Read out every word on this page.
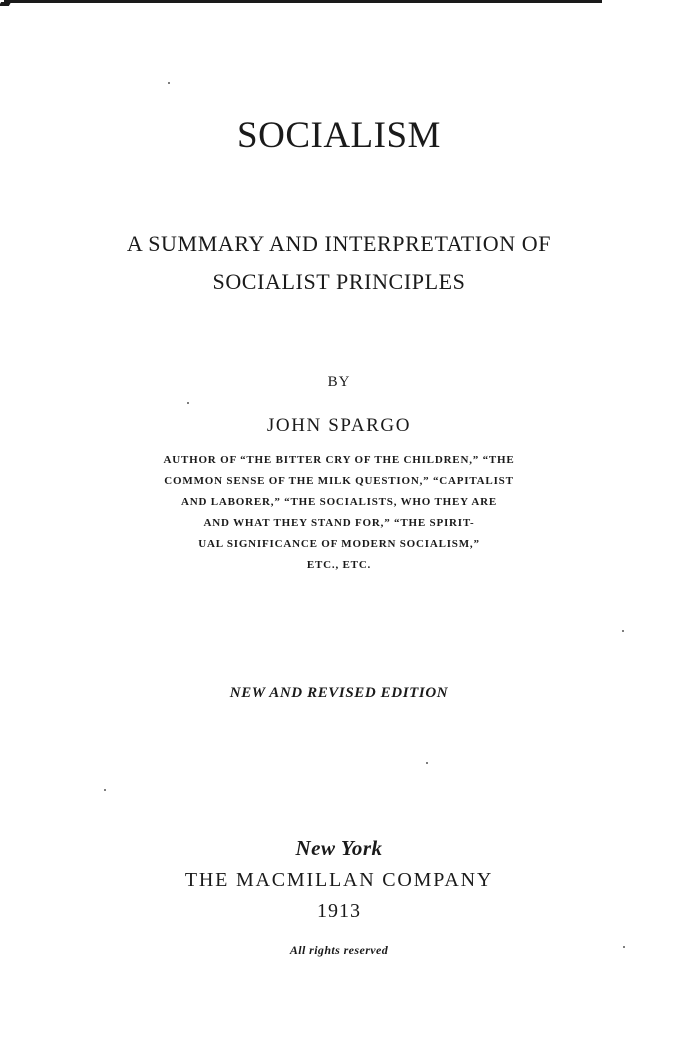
SOCIALISM
A SUMMARY AND INTERPRETATION OF
SOCIALIST PRINCIPLES
BY
JOHN SPARGO
AUTHOR OF “THE BITTER CRY OF THE CHILDREN,” “THE
COMMON SENSE OF THE MILK QUESTION,” “CAPITALIST
AND LABORER,” “THE SOCIALISTS, WHO THEY ARE
AND WHAT THEY STAND FOR,” “THE SPIRIT-
UAL SIGNIFICANCE OF MODERN SOCIALISM,”
ETC., ETC.
NEW AND REVISED EDITION
New York
THE MACMILLAN COMPANY
1913
All rights reserved
